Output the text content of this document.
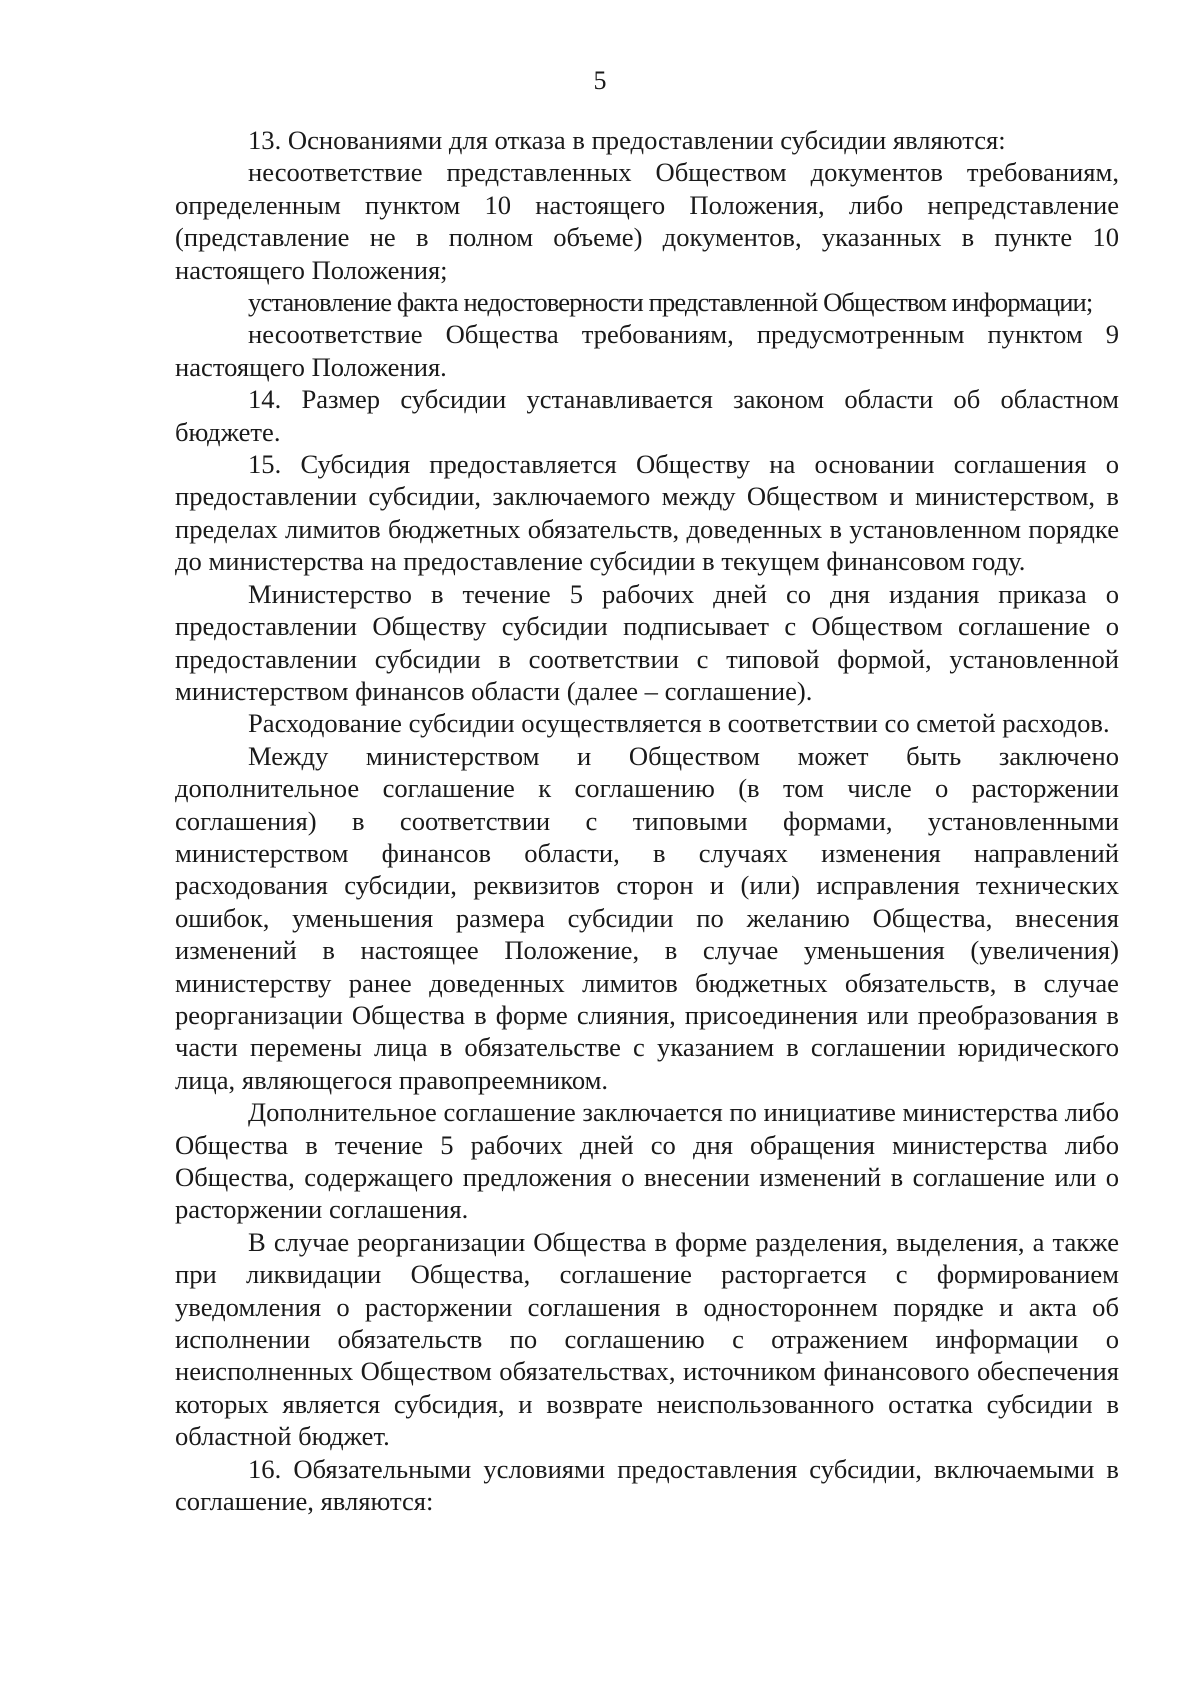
5

13. Основаниями для отказа в предоставлении субсидии являются:

несоответствие представленных Обществом документов требованиям, определенным пунктом 10 настоящего Положения, либо непредставление (представление не в полном объеме) документов, указанных в пункте 10 настоящего Положения;

установление факта недостоверности представленной Обществом информации;

несоответствие Общества требованиям, предусмотренным пунктом 9 настоящего Положения.

14. Размер субсидии устанавливается законом области об областном бюджете.

15. Субсидия предоставляется Обществу на основании соглашения о предоставлении субсидии, заключаемого между Обществом и министерством, в пределах лимитов бюджетных обязательств, доведенных в установленном порядке до министерства на предоставление субсидии в текущем финансовом году.

Министерство в течение 5 рабочих дней со дня издания приказа о предоставлении Обществу субсидии подписывает с Обществом соглашение о предоставлении субсидии в соответствии с типовой формой, установленной министерством финансов области (далее – соглашение).

Расходование субсидии осуществляется в соответствии со сметой расходов.

Между министерством и Обществом может быть заключено дополнительное соглашение к соглашению (в том числе о расторжении соглашения) в соответствии с типовыми формами, установленными министерством финансов области, в случаях изменения направлений расходования субсидии, реквизитов сторон и (или) исправления технических ошибок, уменьшения размера субсидии по желанию Общества, внесения изменений в настоящее Положение, в случае уменьшения (увеличения) министерству ранее доведенных лимитов бюджетных обязательств, в случае реорганизации Общества в форме слияния, присоединения или преобразования в части перемены лица в обязательстве с указанием в соглашении юридического лица, являющегося правопреемником.

Дополнительное соглашение заключается по инициативе министерства либо Общества в течение 5 рабочих дней со дня обращения министерства либо Общества, содержащего предложения о внесении изменений в соглашение или о расторжении соглашения.

В случае реорганизации Общества в форме разделения, выделения, а также при ликвидации Общества, соглашение расторгается с формированием уведомления о расторжении соглашения в одностороннем порядке и акта об исполнении обязательств по соглашению с отражением информации о неисполненных Обществом обязательствах, источником финансового обеспечения которых является субсидия, и возврате неиспользованного остатка субсидии в областной бюджет.

16. Обязательными условиями предоставления субсидии, включаемыми в соглашение, являются:
